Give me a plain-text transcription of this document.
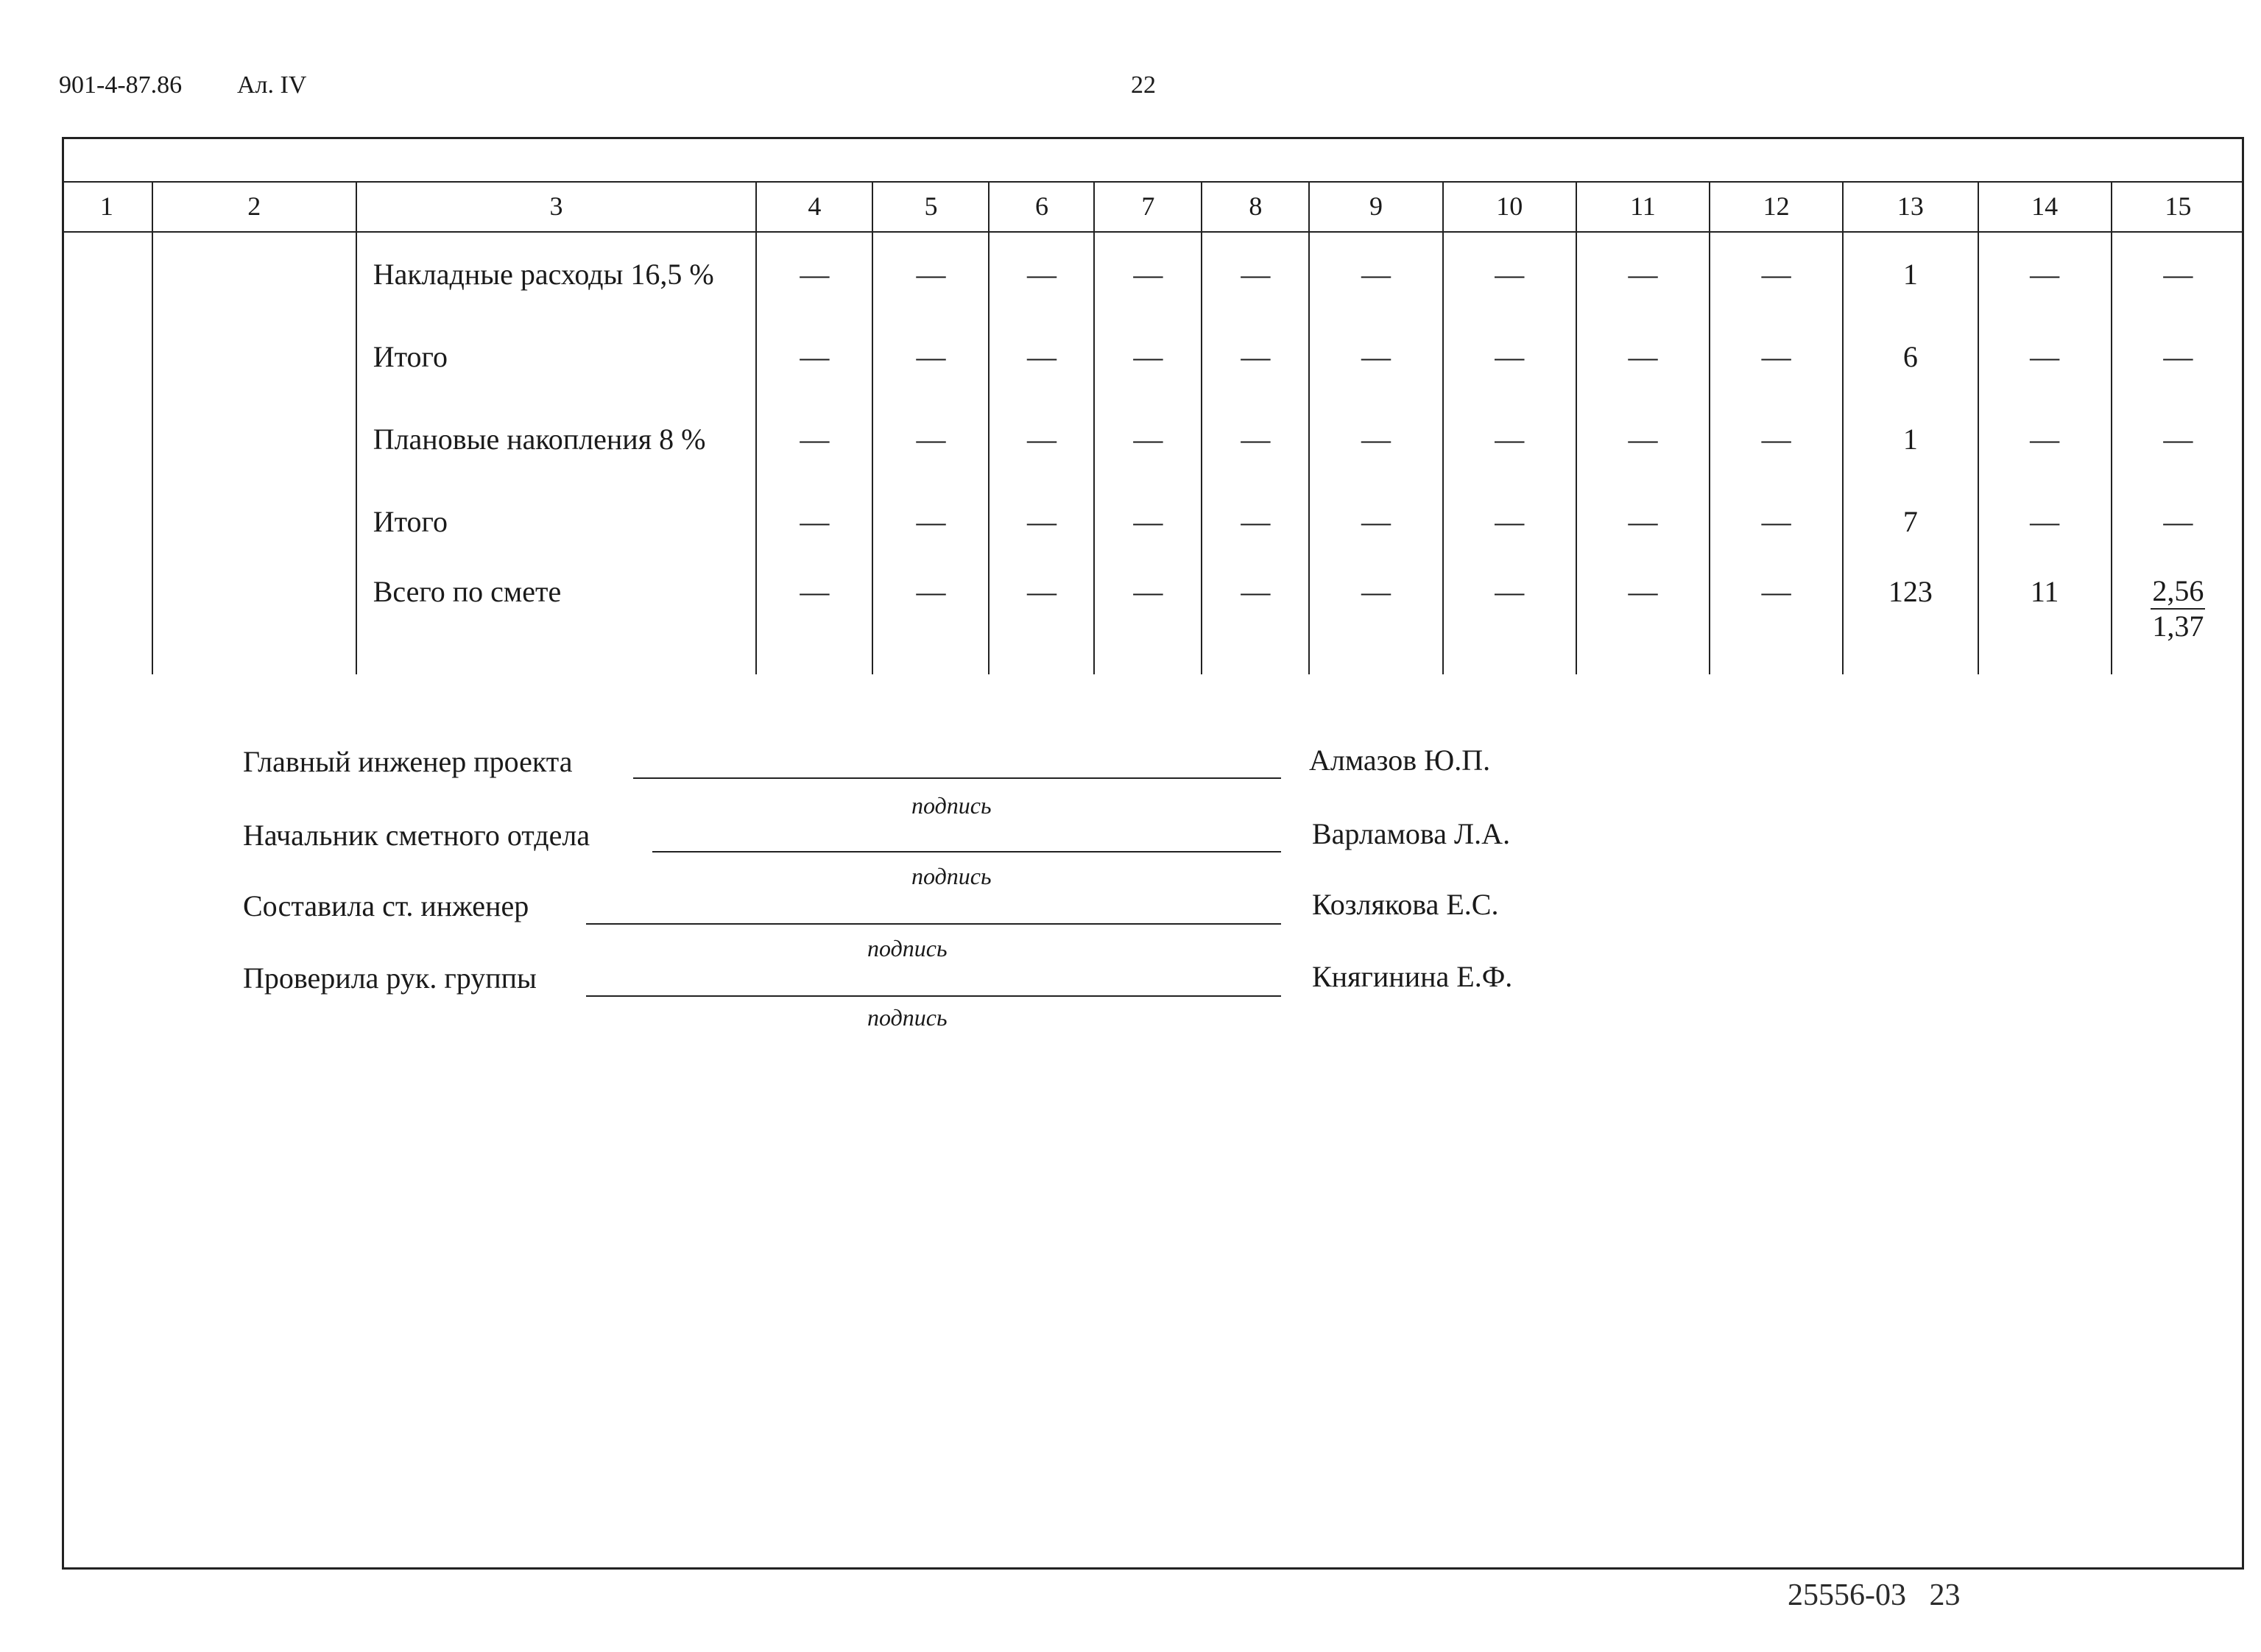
901-4-87.86 Ал. IV	22
1	2	3	4	5	6	7	8	9	10	11	12	13	14	15
		Накладные расходы 16,5 %	—	—	—	—	—	—	—	—	—	1	—	—
		Итого	—	—	—	—	—	—	—	—	—	6	—	—
		Плановые накопления 8 %	—	—	—	—	—	—	—	—	—	1	—	—
		Итого	—	—	—	—	—	—	—	—	—	7	—	—
		Всего по смете	—	—	—	—	—	—	—	—	—	123	11	$\frac{2,56}{1,37}$
Главный инженер проекта	Алмазов Ю.П.
подпись
Начальник сметного отдела	Варламова Л.А.
подпись
Составила ст. инженер	Козлякова Е.С.
подпись
Проверила рук. группы	Княгинина Е.Ф.
подпись
25556-03   23
